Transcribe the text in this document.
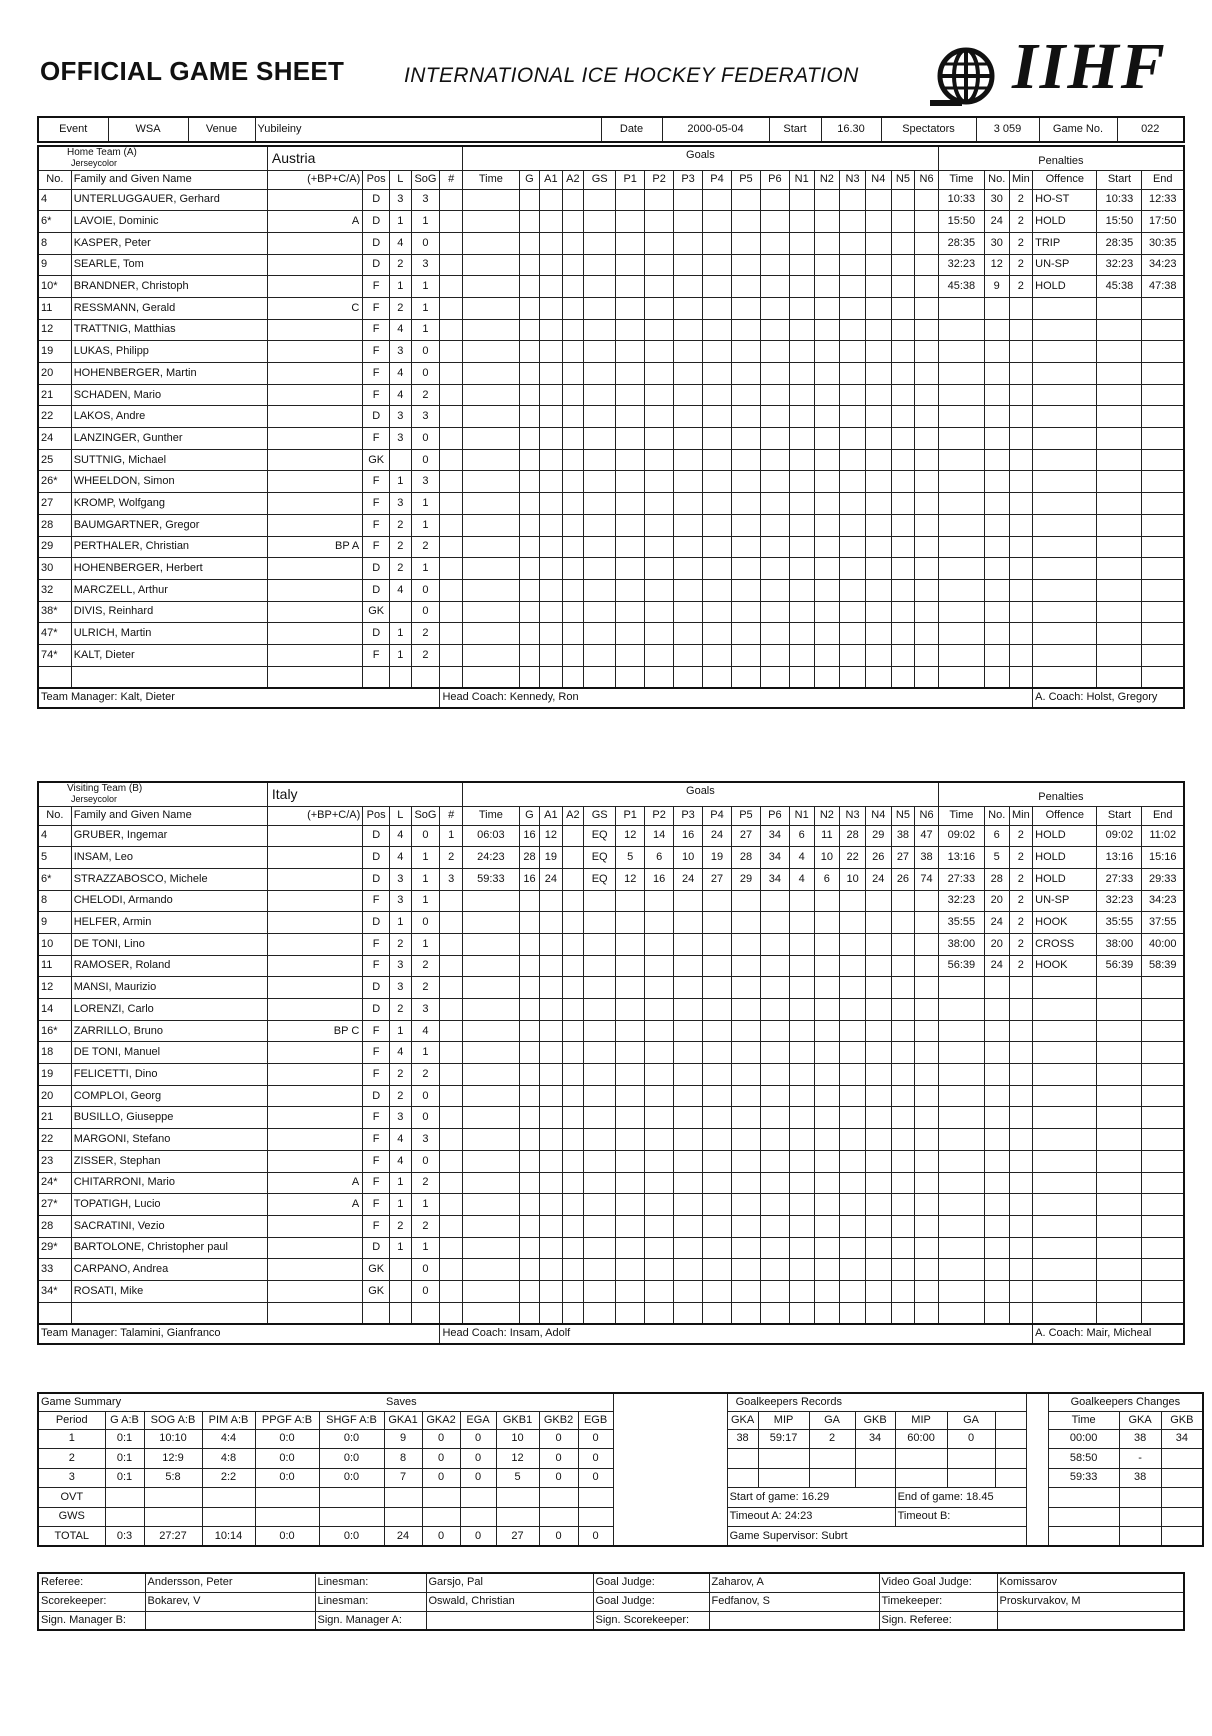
OFFICIAL GAME SHEET	INTERNATIONAL ICE HOCKEY FEDERATION IIHF
Event	WSA	Venue	Yubileiny	Date	2000-05-04	Start	16.30	Spectators	3 059	Game No.	022
Home Team (A)
Jerseycolor		Austria					Goals																	Penalties					
No.	Family and Given Name	(+BP+C/A)	Pos	L	SoG	#	Time	G	A1	A2	GS	P1	P2	P3	P4	P5	P6	N1	N2	N3	N4	N5	N6	Time	No.	Min	Offence	Start	End
4	UNTERLUGGAUER, Gerhard		D	3	3																			10:33	30	2	HO-ST	10:33	12:33
6*	LAVOIE, Dominic	A	D	1	1																			15:50	24	2	HOLD	15:50	17:50
8	KASPER, Peter		D	4	0																			28:35	30	2	TRIP	28:35	30:35
9	SEARLE, Tom		D	2	3																			32:23	12	2	UN-SP	32:23	34:23
10*	BRANDNER, Christoph		F	1	1																			45:38	9	2	HOLD	45:38	47:38
11	RESSMANN, Gerald	C	F	2	1																								
12	TRATTNIG, Matthias		F	4	1																								
19	LUKAS, Philipp		F	3	0																								
20	HOHENBERGER, Martin		F	4	0																								
21	SCHADEN, Mario		F	4	2																								
22	LAKOS, Andre		D	3	3																								
24	LANZINGER, Gunther		F	3	0																								
25	SUTTNIG, Michael		GK		0																								
26*	WHEELDON, Simon		F	1	3																								
27	KROMP, Wolfgang		F	3	1																								
28	BAUMGARTNER, Gregor		F	2	1																								
29	PERTHALER, Christian	BP A	F	2	2																								
30	HOHENBERGER, Herbert		D	2	1																								
32	MARCZELL, Arthur		D	4	0																								
38*	DIVIS, Reinhard		GK		0																								
47*	ULRICH, Martin		D	1	2																								
74*	KALT, Dieter		F	1	2																								

Team Manager: Kalt, Dieter						Head Coach: Kennedy, Ron																					A. Coach: Holst, Gregory		
Visiting Team (B)
Jerseycolor		Italy					Goals																	Penalties					
No.	Family and Given Name	(+BP+C/A)	Pos	L	SoG	#	Time	G	A1	A2	GS	P1	P2	P3	P4	P5	P6	N1	N2	N3	N4	N5	N6	Time	No.	Min	Offence	Start	End
4	GRUBER, Ingemar		D	4	0	1	06:03	16	12		EQ	12	14	16	24	27	34	6	11	28	29	38	47	09:02	6	2	HOLD	09:02	11:02
5	INSAM, Leo		D	4	1	2	24:23	28	19		EQ	5	6	10	19	28	34	4	10	22	26	27	38	13:16	5	2	HOLD	13:16	15:16
6*	STRAZZABOSCO, Michele		D	3	1	3	59:33	16	24		EQ	12	16	24	27	29	34	4	6	10	24	26	74	27:33	28	2	HOLD	27:33	29:33
8	CHELODI, Armando		F	3	1																			32:23	20	2	UN-SP	32:23	34:23
9	HELFER, Armin		D	1	0																			35:55	24	2	HOOK	35:55	37:55
10	DE TONI, Lino		F	2	1																			38:00	20	2	CROSS	38:00	40:00
11	RAMOSER, Roland		F	3	2																			56:39	24	2	HOOK	56:39	58:39
12	MANSI, Maurizio		D	3	2																								
14	LORENZI, Carlo		D	2	3																								
16*	ZARRILLO, Bruno	BP C	F	1	4																								
18	DE TONI, Manuel		F	4	1																								
19	FELICETTI, Dino		F	2	2																								
20	COMPLOI, Georg		D	2	0																								
21	BUSILLO, Giuseppe		F	3	0																								
22	MARGONI, Stefano		F	4	3																								
23	ZISSER, Stephan		F	4	0																								
24*	CHITARRONI, Mario	A	F	1	2																								
27*	TOPATIGH, Lucio	A	F	1	1																								
28	SACRATINI, Vezio		F	2	2																								
29*	BARTOLONE, Christopher paul		D	1	1																								
33	CARPANO, Andrea		GK		0																								
34*	ROSATI, Mike		GK		0																								

Team Manager: Talamini, Gianfranco						Head Coach: Insam, Adolf																					A. Coach: Mair, Micheal		
Game Summary						Saves							Goalkeepers Records								Goalkeepers Changes		
Period	G A:B	SOG A:B	PIM A:B	PPGF A:B	SHGF A:B	GKA1	GKA2	EGA	GKB1	GKB2	EGB		GKA	MIP	GA	GKB	MIP	GA			Time	GKA	GKB
1	0:1	10:10	4:4	0:0	0:0	9	0	0	10	0	0		38	59:17	2	34	60:00	0			00:00	38	34
2	0:1	12:9	4:8	0:0	0:0	8	0	0	12	0	0										58:50	-	
3	0:1	5:8	2:2	0:0	0:0	7	0	0	5	0	0										59:33	38	
OVT													Start of game: 16.29				End of game: 18.45						
GWS													Timeout A: 24:23				Timeout B:						
TOTAL	0:3	27:27	10:14	0:0	0:0	24	0	0	27	0	0		Game Supervisor: Subrt										
Referee:	Andersson, Peter	Linesman:	Garsjo, Pal	Goal Judge:	Zaharov, A	Video Goal Judge:	Komissarov
Scorekeeper:	Bokarev, V	Linesman:	Oswald, Christian	Goal Judge:	Fedfanov, S	Timekeeper:	Proskurvakov, M
Sign. Manager B:		Sign. Manager A:		Sign. Scorekeeper:		Sign. Referee:	
